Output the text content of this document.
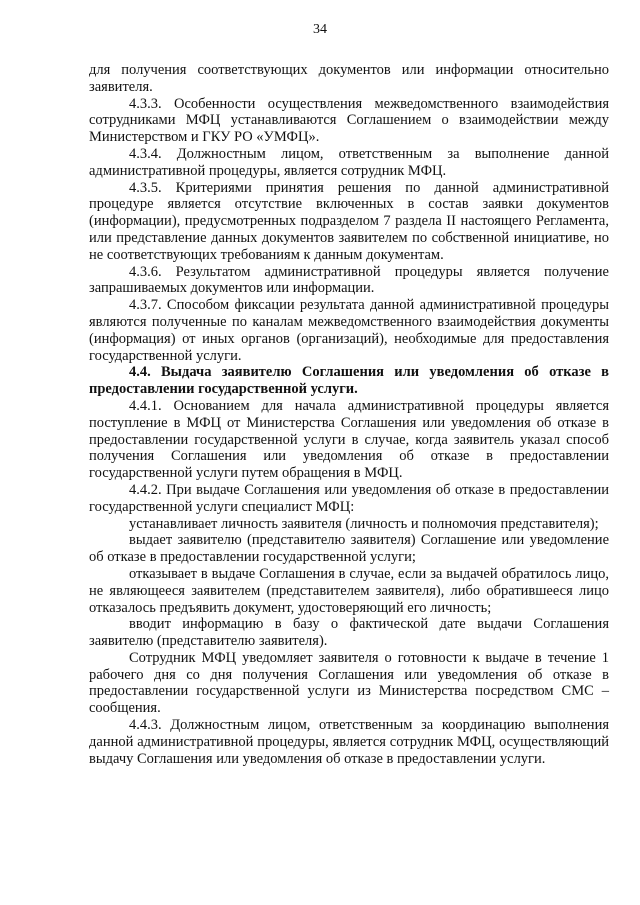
34

для получения соответствующих документов или информации относительно заявителя.

4.3.3. Особенности осуществления межведомственного взаимодействия сотрудниками МФЦ устанавливаются Соглашением о взаимодействии между Министерством и ГКУ РО «УМФЦ».

4.3.4. Должностным лицом, ответственным за выполнение данной административной процедуры, является сотрудник МФЦ.

4.3.5. Критериями принятия решения по данной административной процедуре является отсутствие включенных в состав заявки документов (информации), предусмотренных подразделом 7 раздела II настоящего Регламента, или представление данных документов заявителем по собственной инициативе, но не соответствующих требованиям к данным документам.

4.3.6. Результатом административной процедуры является получение запрашиваемых документов или информации.

4.3.7. Способом фиксации результата данной административной процедуры являются полученные по каналам межведомственного взаимодействия документы (информация) от иных органов (организаций), необходимые для предоставления государственной услуги.

4.4. Выдача заявителю Соглашения или уведомления об отказе в предоставлении государственной услуги.

4.4.1. Основанием для начала административной процедуры является поступление в МФЦ от Министерства Соглашения или уведомления об отказе в предоставлении государственной услуги в случае, когда заявитель указал способ получения Соглашения или уведомления об отказе в предоставлении государственной услуги путем обращения в МФЦ.

4.4.2. При выдаче Соглашения или уведомления об отказе в предоставлении государственной услуги специалист МФЦ:

устанавливает личность заявителя (личность и полномочия представителя);

выдает заявителю (представителю заявителя) Соглашение или уведомление об отказе в предоставлении государственной услуги;

отказывает в выдаче Соглашения в случае, если за выдачей обратилось лицо, не являющееся заявителем (представителем заявителя), либо обратившееся лицо отказалось предъявить документ, удостоверяющий его личность;

вводит информацию в базу о фактической дате выдачи Соглашения заявителю (представителю заявителя).

Сотрудник МФЦ уведомляет заявителя о готовности к выдаче в течение 1 рабочего дня со дня получения Соглашения или уведомления об отказе в предоставлении государственной услуги из Министерства посредством СМС – сообщения.

4.4.3. Должностным лицом, ответственным за координацию выполнения данной административной процедуры, является сотрудник МФЦ, осуществляющий выдачу Соглашения или уведомления об отказе в предоставлении услуги.
